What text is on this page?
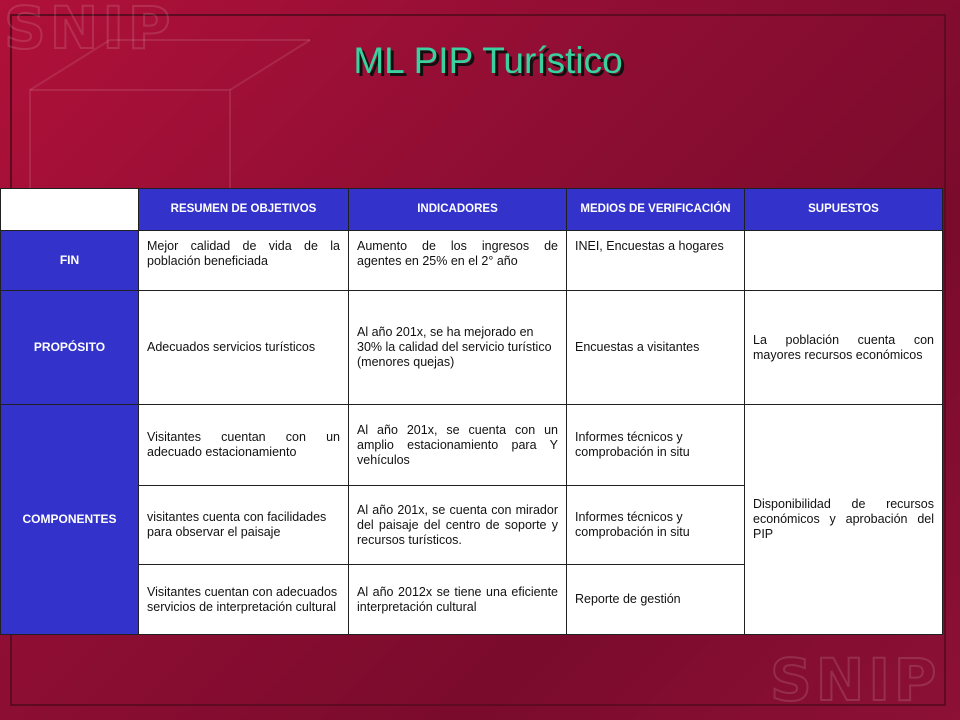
SNIP
SNIP
ML PIP Turístico
	RESUMEN DE OBJETIVOS	INDICADORES	MEDIOS DE VERIFICACIÓN	SUPUESTOS
FIN	Mejor calidad de vida de la población beneficiada	Aumento de los ingresos de agentes en 25% en el 2° año	INEI, Encuestas a hogares	
PROPÓSITO	Adecuados servicios turísticos	Al año 201x, se ha mejorado en 30% la calidad del servicio turístico (menores quejas)	Encuestas a visitantes	La población cuenta con mayores recursos económicos
COMPONENTES	Visitantes cuentan con un adecuado estacionamiento	Al año 201x, se cuenta con un amplio estacionamiento para Y vehículos	Informes técnicos y comprobación in situ	Disponibilidad de recursos económicos y aprobación del PIP
	visitantes cuenta con facilidades para observar el paisaje	Al año 201x, se cuenta con mirador del paisaje del centro de soporte y recursos turísticos.	Informes técnicos y comprobación in situ	
	Visitantes cuentan con adecuados servicios de interpretación cultural	Al año 2012x se tiene una eficiente interpretación cultural	Reporte de gestión	
